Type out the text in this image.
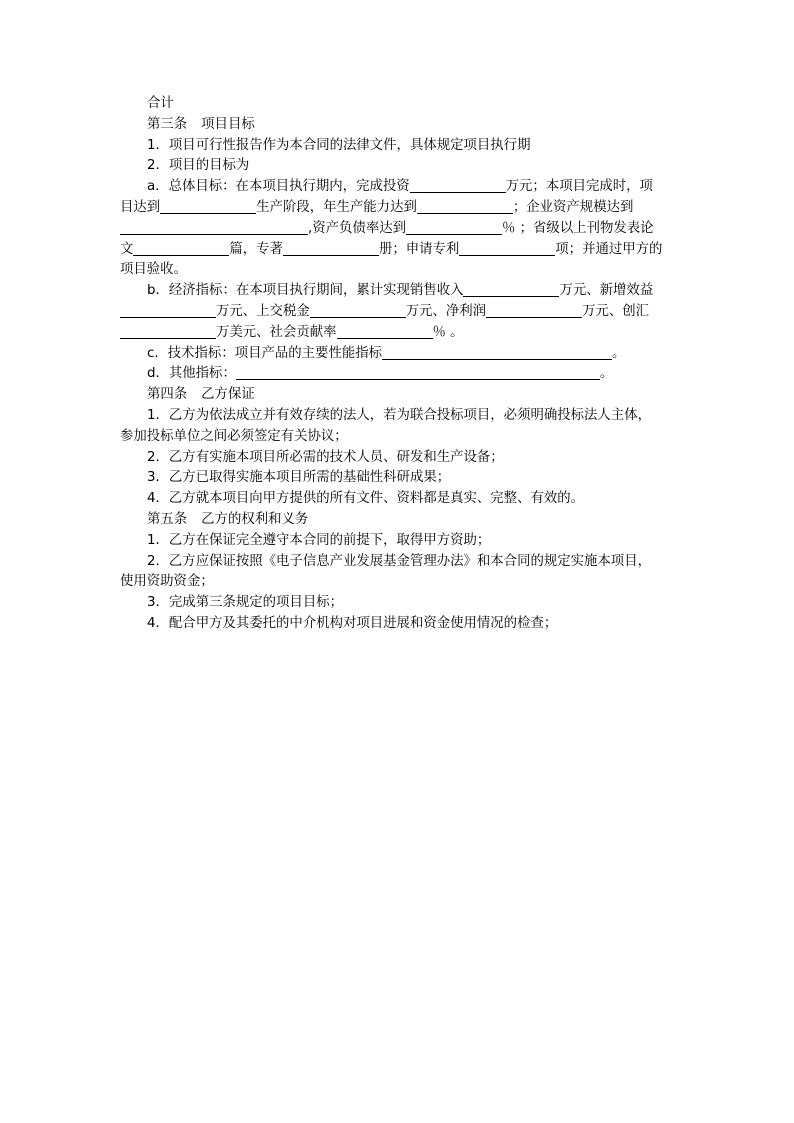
合计

第三条 项目目标

1．项目可行性报告作为本合同的法律文件，具体规定项目执行期

2．项目的目标为

a．总体目标：在本项目执行期内，完成投资	万元；本项目完成时，项

目达到	生产阶段，年生产能力达到	；企业资产规模达到

,资产负债率达到	％ ；省级以上刊物发表论

文	篇，专著	册；申请专利	项；并通过甲方的

项目验收。

b．经济指标：在本项目执行期间，累计实现销售收入	万元、新增效益

万元、上交税金	万元、净利润	万元、创汇

万美元、社会贡献率	％ 。

c．技术指标：项目产品的主要性能指标	。

d．其他指标：	。

第四条 乙方保证

1．乙方为依法成立并有效存续的法人，若为联合投标项目，必须明确投标法人主体，

参加投标单位之间必须签定有关协议；

2．乙方有实施本项目所必需的技术人员、研发和生产设备；

3．乙方已取得实施本项目所需的基础性科研成果；

4．乙方就本项目向甲方提供的所有文件、资料都是真实、完整、有效的。

第五条 乙方的权利和义务

1．乙方在保证完全遵守本合同的前提下，取得甲方资助；

2．乙方应保证按照《电子信息产业发展基金管理办法》和本合同的规定实施本项目，

使用资助资金；

3．完成第三条规定的项目目标；

4．配合甲方及其委托的中介机构对项目进展和资金使用情况的检查；
